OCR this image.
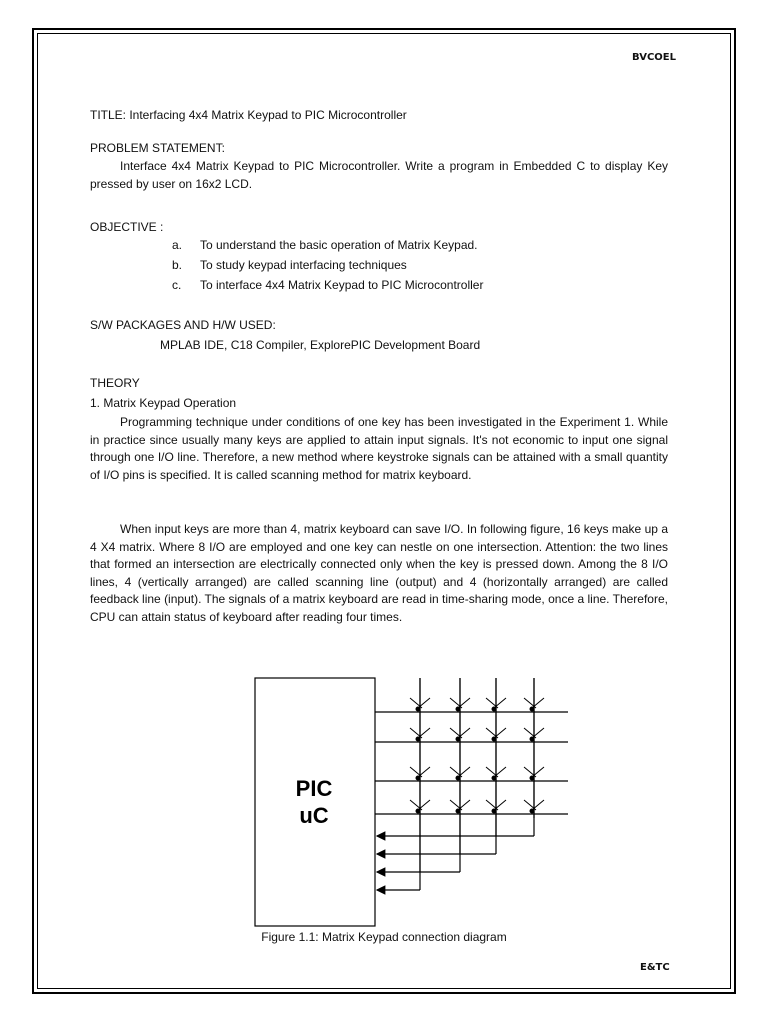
BVCOEL
TITLE: Interfacing 4x4 Matrix Keypad to PIC Microcontroller
PROBLEM STATEMENT:
Interface 4x4 Matrix Keypad to PIC Microcontroller. Write a program in Embedded C to display Key pressed by user on 16x2 LCD.
OBJECTIVE :
a. To understand the basic operation of Matrix Keypad.
b. To study keypad interfacing techniques
c. To interface 4x4 Matrix Keypad to PIC Microcontroller
S/W PACKAGES AND H/W USED:
MPLAB IDE, C18 Compiler, ExplorePIC Development Board
THEORY
1. Matrix Keypad Operation
Programming technique under conditions of one key has been investigated in the Experiment 1. While in practice since usually many keys are applied to attain input signals. It's not economic to input one signal through one I/O line. Therefore, a new method where keystroke signals can be attained with a small quantity of I/O pins is specified. It is called scanning method for matrix keyboard.
When input keys are more than 4, matrix keyboard can save I/O. In following figure, 16 keys make up a 4 X4 matrix. Where 8 I/O are employed and one key can nestle on one intersection. Attention: the two lines that formed an intersection are electrically connected only when the key is pressed down. Among the 8 I/O lines, 4 (vertically arranged) are called scanning line (output) and 4 (horizontally arranged) are called feedback line (input). The signals of a matrix keyboard are read in time-sharing mode, once a line. Therefore, CPU can attain status of keyboard after reading four times.
PIC
uC
Figure 1.1: Matrix Keypad connection diagram
E&TC
